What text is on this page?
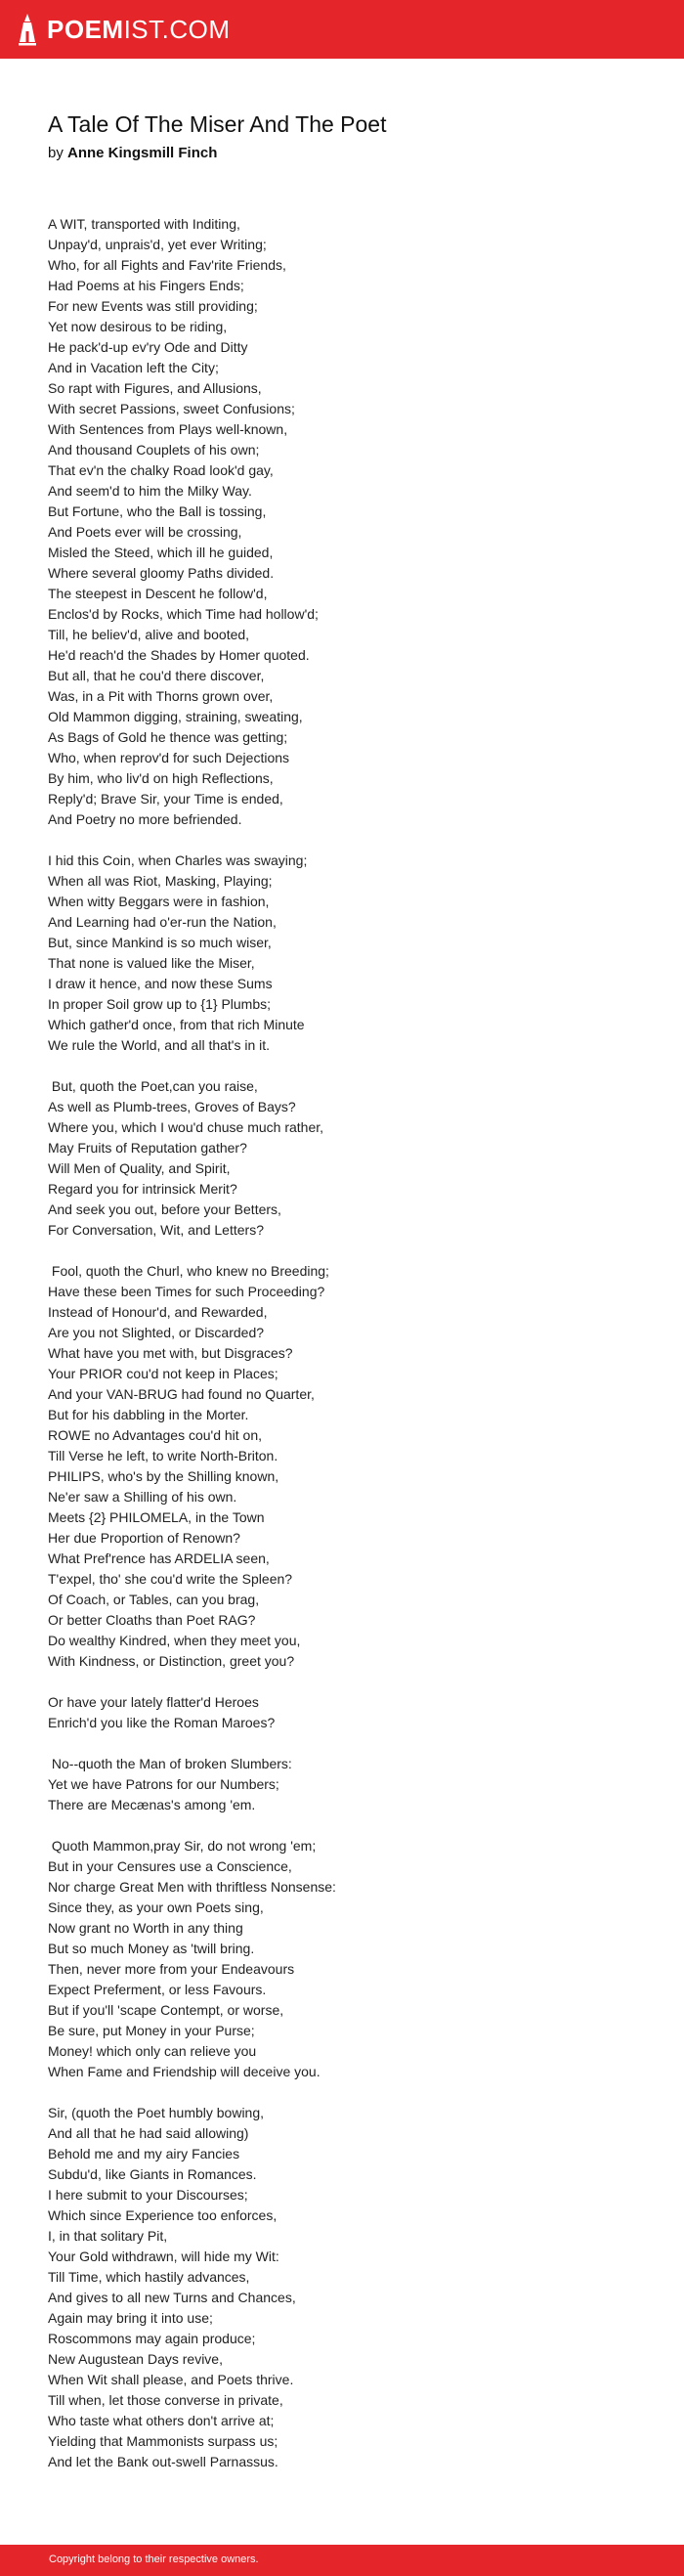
POEMIST.COM
A Tale Of The Miser And The Poet
by Anne Kingsmill Finch
A WIT, transported with Inditing,
Unpay'd, unprais'd, yet ever Writing;
Who, for all Fights and Fav'rite Friends,
Had Poems at his Fingers Ends;
For new Events was still providing;
Yet now desirous to be riding,
He pack'd-up ev'ry Ode and Ditty
And in Vacation left the City;
So rapt with Figures, and Allusions,
With secret Passions, sweet Confusions;
With Sentences from Plays well-known,
And thousand Couplets of his own;
That ev'n the chalky Road look'd gay,
And seem'd to him the Milky Way.
But Fortune, who the Ball is tossing,
And Poets ever will be crossing,
Misled the Steed, which ill he guided,
Where several gloomy Paths divided.
The steepest in Descent he follow'd,
Enclos'd by Rocks, which Time had hollow'd;
Till, he believ'd, alive and booted,
He'd reach'd the Shades by Homer quoted.
But all, that he cou'd there discover,
Was, in a Pit with Thorns grown over,
Old Mammon digging, straining, sweating,
As Bags of Gold he thence was getting;
Who, when reprov'd for such Dejections
By him, who liv'd on high Reflections,
Reply'd; Brave Sir, your Time is ended,
And Poetry no more befriended.
I hid this Coin, when Charles was swaying;
When all was Riot, Masking, Playing;
When witty Beggars were in fashion,
And Learning had o'er-run the Nation,
But, since Mankind is so much wiser,
That none is valued like the Miser,
I draw it hence, and now these Sums
In proper Soil grow up to {1} Plumbs;
Which gather'd once, from that rich Minute
We rule the World, and all that's in it.
But, quoth the Poet,can you raise,
As well as Plumb-trees, Groves of Bays?
Where you, which I wou'd chuse much rather,
May Fruits of Reputation gather?
Will Men of Quality, and Spirit,
Regard you for intrinsick Merit?
And seek you out, before your Betters,
For Conversation, Wit, and Letters?
Fool, quoth the Churl, who knew no Breeding;
Have these been Times for such Proceeding?
Instead of Honour'd, and Rewarded,
Are you not Slighted, or Discarded?
What have you met with, but Disgraces?
Your PRIOR cou'd not keep in Places;
And your VAN-BRUG had found no Quarter,
But for his dabbling in the Morter.
ROWE no Advantages cou'd hit on,
Till Verse he left, to write North-Briton.
PHILIPS, who's by the Shilling known,
Ne'er saw a Shilling of his own.
Meets {2} PHILOMELA, in the Town
Her due Proportion of Renown?
What Pref'rence has ARDELIA seen,
T'expel, tho' she cou'd write the Spleen?
Of Coach, or Tables, can you brag,
Or better Cloaths than Poet RAG?
Do wealthy Kindred, when they meet you,
With Kindness, or Distinction, greet you?
Or have your lately flatter'd Heroes
Enrich'd you like the Roman Maroes?
No--quoth the Man of broken Slumbers:
Yet we have Patrons for our Numbers;
There are Mecænas's among 'em.
Quoth Mammon,pray Sir, do not wrong 'em;
But in your Censures use a Conscience,
Nor charge Great Men with thriftless Nonsense:
Since they, as your own Poets sing,
Now grant no Worth in any thing
But so much Money as 'twill bring.
Then, never more from your Endeavours
Expect Preferment, or less Favours.
But if you'll 'scape Contempt, or worse,
Be sure, put Money in your Purse;
Money! which only can relieve you
When Fame and Friendship will deceive you.
Sir, (quoth the Poet humbly bowing,
And all that he had said allowing)
Behold me and my airy Fancies
Subdu'd, like Giants in Romances.
I here submit to your Discourses;
Which since Experience too enforces,
I, in that solitary Pit,
Your Gold withdrawn, will hide my Wit:
Till Time, which hastily advances,
And gives to all new Turns and Chances,
Again may bring it into use;
Roscommons may again produce;
New Augustean Days revive,
When Wit shall please, and Poets thrive.
Till when, let those converse in private,
Who taste what others don't arrive at;
Yielding that Mammonists surpass us;
And let the Bank out-swell Parnassus.
Copyright belong to their respective owners.
